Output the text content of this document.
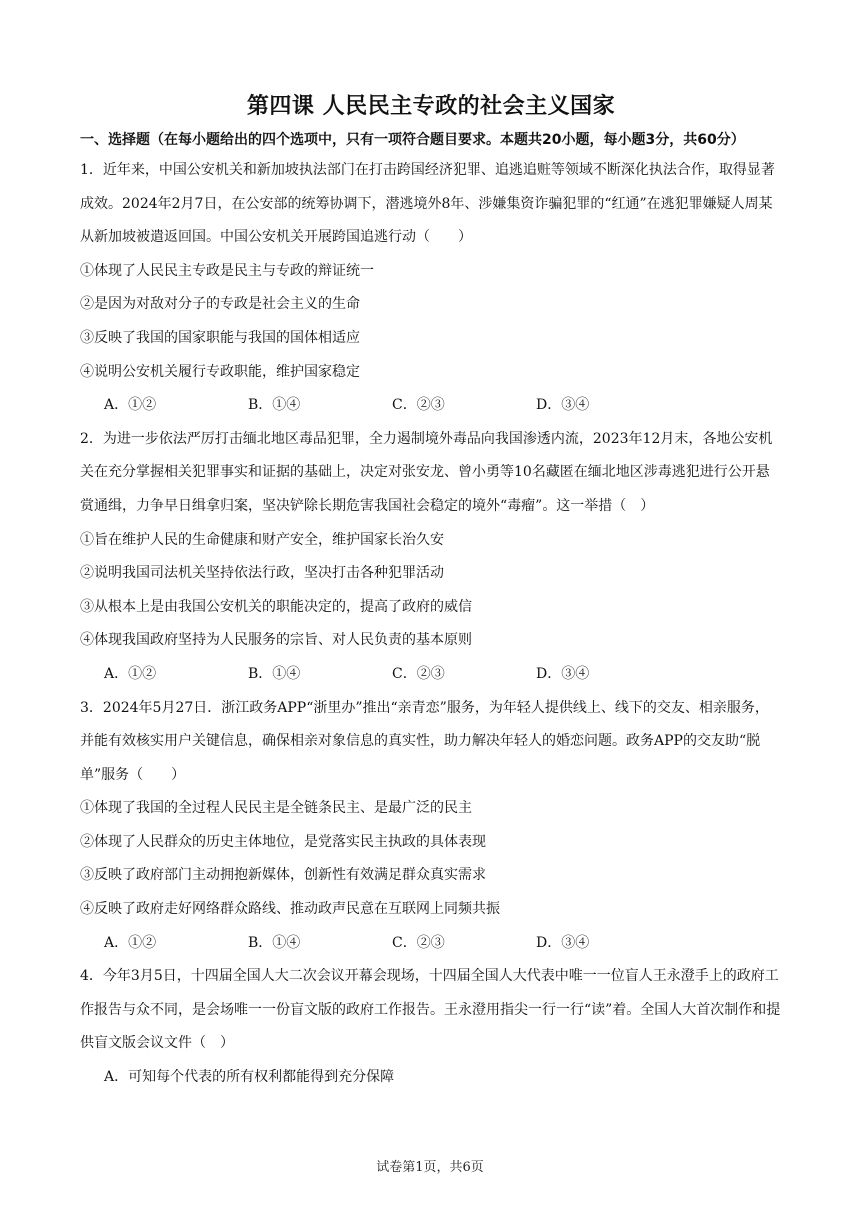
第四课 人民民主专政的社会主义国家
一、选择题（在每小题给出的四个选项中，只有一项符合题目要求。本题共20小题，每小题3分，共60分）
1．近年来，中国公安机关和新加坡执法部门在打击跨国经济犯罪、追逃追赃等领域不断深化执法合作，取得显著成效。2024年2月7日，在公安部的统筹协调下，潜逃境外8年、涉嫌集资诈骗犯罪的“红通”在逃犯罪嫌疑人周某从新加坡被遣返回国。中国公安机关开展跨国追逃行动（　　）
①体现了人民民主专政是民主与专政的辩证统一
②是因为对敌对分子的专政是社会主义的生命
③反映了我国的国家职能与我国的国体相适应
④说明公安机关履行专政职能，维护国家稳定
A．①②	B．①④	C．②③	D．③④
2．为进一步依法严厉打击缅北地区毒品犯罪，全力遏制境外毒品向我国渗透内流，2023年12月末，各地公安机关在充分掌握相关犯罪事实和证据的基础上，决定对张安龙、曾小勇等10名藏匿在缅北地区涉毒逃犯进行公开悬赏通缉，力争早日缉拿归案，坚决铲除长期危害我国社会稳定的境外“毒瘤”。这一举措（　）
①旨在维护人民的生命健康和财产安全，维护国家长治久安
②说明我国司法机关坚持依法行政，坚决打击各种犯罪活动
③从根本上是由我国公安机关的职能决定的，提高了政府的威信
④体现我国政府坚持为人民服务的宗旨、对人民负责的基本原则
A．①②	B．①④	C．②③	D．③④
3．2024年5月27日．浙江政务APP“浙里办”推出“亲青恋”服务，为年轻人提供线上、线下的交友、相亲服务，并能有效核实用户关键信息，确保相亲对象信息的真实性，助力解决年轻人的婚恋问题。政务APP的交友助“脱单”服务（　　）
①体现了我国的全过程人民民主是全链条民主、是最广泛的民主
②体现了人民群众的历史主体地位，是党落实民主执政的具体表现
③反映了政府部门主动拥抱新媒体，创新性有效满足群众真实需求
④反映了政府走好网络群众路线、推动政声民意在互联网上同频共振
A．①②	B．①④	C．②③	D．③④
4．今年3月5日，十四届全国人大二次会议开幕会现场，十四届全国人大代表中唯一一位盲人王永澄手上的政府工作报告与众不同，是会场唯一一份盲文版的政府工作报告。王永澄用指尖一行一行“读”着。全国人大首次制作和提供盲文版会议文件（　）
A．可知每个代表的所有权利都能得到充分保障
试卷第1页，共6页
